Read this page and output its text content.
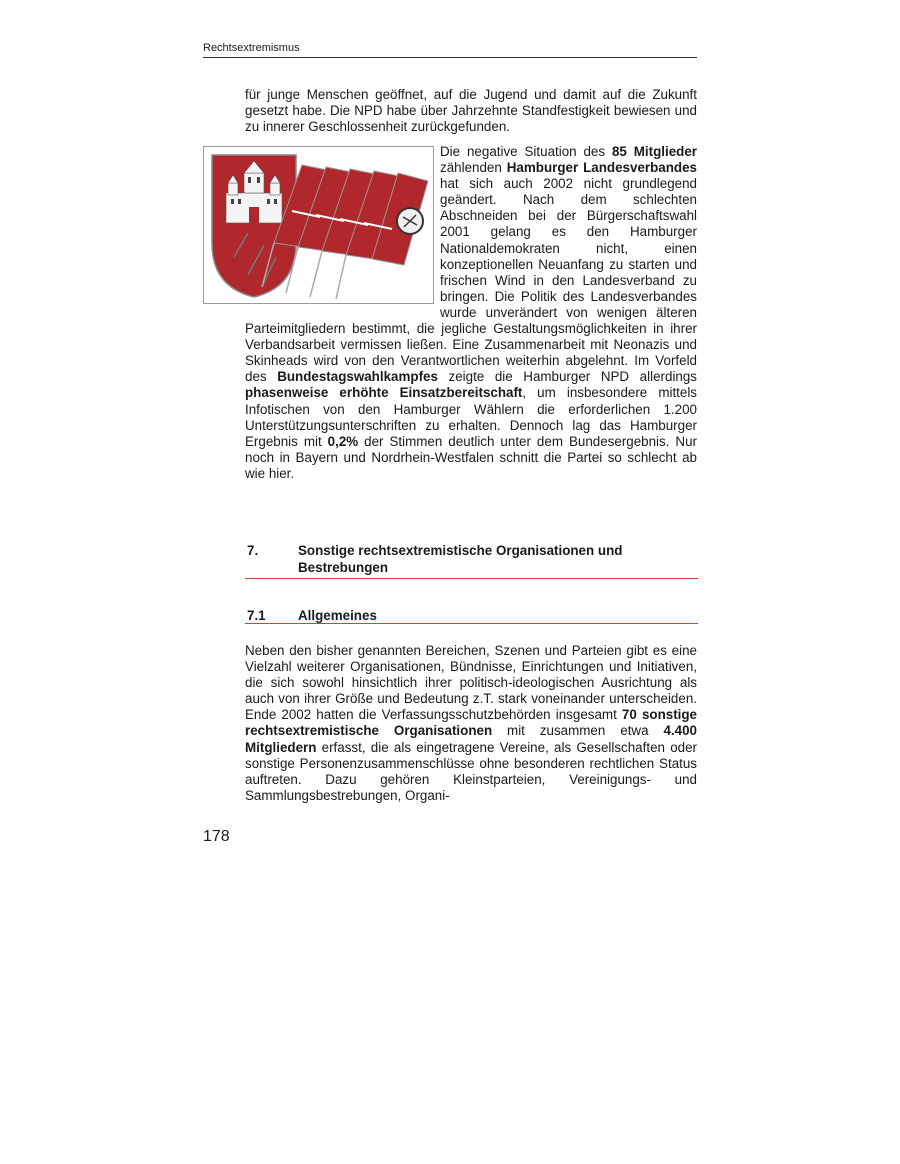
Rechtsextremismus

für junge Menschen geöffnet, auf die Jugend und damit auf die Zukunft gesetzt habe. Die NPD habe über Jahrzehnte Standfestigkeit bewiesen und zu innerer Geschlossenheit zurückgefunden.

Die negative Situation des 85 Mitglieder zählenden Hamburger Landesverbandes hat sich auch 2002 nicht grundlegend geändert. Nach dem schlechten Abschneiden bei der Bürgerschaftswahl 2001 gelang es den Hamburger Nationaldemokraten nicht, einen konzeptionellen Neuanfang zu starten und frischen Wind in den Landesverband zu bringen. Die Politik des Landesverbandes wurde unverändert von wenigen älteren Parteimitgliedern bestimmt, die jegliche Gestaltungsmöglichkeiten in ihrer Verbandsarbeit vermissen ließen. Eine Zusammenarbeit mit Neonazis und Skinheads wird von den Verantwortlichen weiterhin abgelehnt. Im Vorfeld des Bundestagswahlkampfes zeigte die Hamburger NPD allerdings phasenweise erhöhte Einsatzbereitschaft, um insbesondere mittels Infotischen von den Hamburger Wählern die erforderlichen 1.200 Unterstützungsunterschriften zu erhalten. Dennoch lag das Hamburger Ergebnis mit 0,2% der Stimmen deutlich unter dem Bundesergebnis. Nur noch in Bayern und Nordrhein-Westfalen schnitt die Partei so schlecht ab wie hier.
7.	Sonstige rechtsextremistische Organisationen und Bestrebungen
7.1 Allgemeines
Neben den bisher genannten Bereichen, Szenen und Parteien gibt es eine Vielzahl weiterer Organisationen, Bündnisse, Einrichtungen und Initiativen, die sich sowohl hinsichtlich ihrer politisch-ideologischen Ausrichtung als auch von ihrer Größe und Bedeutung z.T. stark voneinander unterscheiden. Ende 2002 hatten die Verfassungsschutzbehörden insgesamt 70 sonstige rechtsextremistische Organisationen mit zusammen etwa 4.400 Mitgliedern erfasst, die als eingetragene Vereine, als Gesellschaften oder sonstige Personenzusammenschlüsse ohne besonderen rechtlichen Status auftreten. Dazu gehören Kleinstparteien, Vereinigungs- und Sammlungsbestrebungen, Organi-
178
